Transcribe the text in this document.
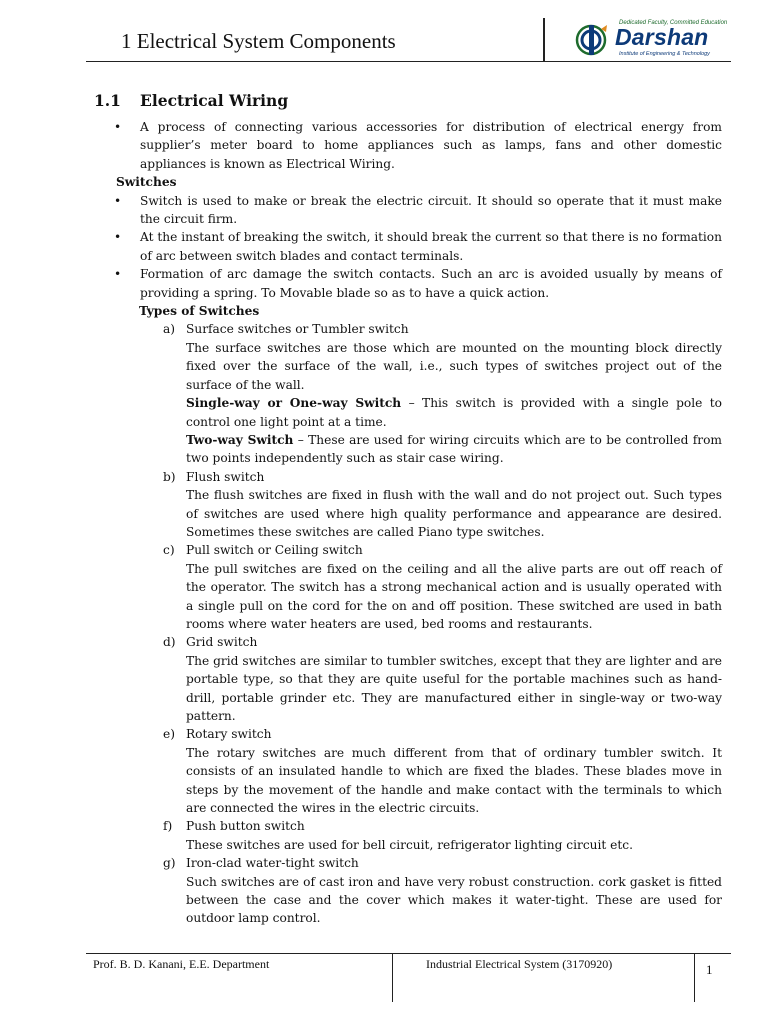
1 Electrical System Components
Dedicated Faculty, Committed Education
Darshan
Institute of Engineering & Technology
1.1 Electrical Wiring

• A process of connecting various accessories for distribution of electrical energy from supplier’s meter board to home appliances such as lamps, fans and other domestic appliances is known as Electrical Wiring.

Switches

• Switch is used to make or break the electric circuit. It should so operate that it must make the circuit firm.

• At the instant of breaking the switch, it should break the current so that there is no formation of arc between switch blades and contact terminals.

• Formation of arc damage the switch contacts. Such an arc is avoided usually by means of providing a spring. To Movable blade so as to have a quick action.

Types of Switches

a) Surface switches or Tumbler switch

The surface switches are those which are mounted on the mounting block directly fixed over the surface of the wall, i.e., such types of switches project out of the surface of the wall.

Single-way or One-way Switch – This switch is provided with a single pole to control one light point at a time.

Two-way Switch – These are used for wiring circuits which are to be controlled from two points independently such as stair case wiring.

b) Flush switch

The flush switches are fixed in flush with the wall and do not project out. Such types of switches are used where high quality performance and appearance are desired. Sometimes these switches are called Piano type switches.

c) Pull switch or Ceiling switch

The pull switches are fixed on the ceiling and all the alive parts are out off reach of the operator. The switch has a strong mechanical action and is usually operated with a single pull on the cord for the on and off position. These switched are used in bath rooms where water heaters are used, bed rooms and restaurants.

d) Grid switch

The grid switches are similar to tumbler switches, except that they are lighter and are portable type, so that they are quite useful for the portable machines such as hand-drill, portable grinder etc. They are manufactured either in single-way or two-way pattern.

e) Rotary switch

The rotary switches are much different from that of ordinary tumbler switch. It consists of an insulated handle to which are fixed the blades. These blades move in steps by the movement of the handle and make contact with the terminals to which are connected the wires in the electric circuits.

f) Push button switch

These switches are used for bell circuit, refrigerator lighting circuit etc.

g) Iron-clad water-tight switch

Such switches are of cast iron and have very robust construction. cork gasket is fitted between the case and the cover which makes it water-tight. These are used for outdoor lamp control.

Prof. B. D. Kanani, E.E. Department	Industrial Electrical System (3170920)	1
